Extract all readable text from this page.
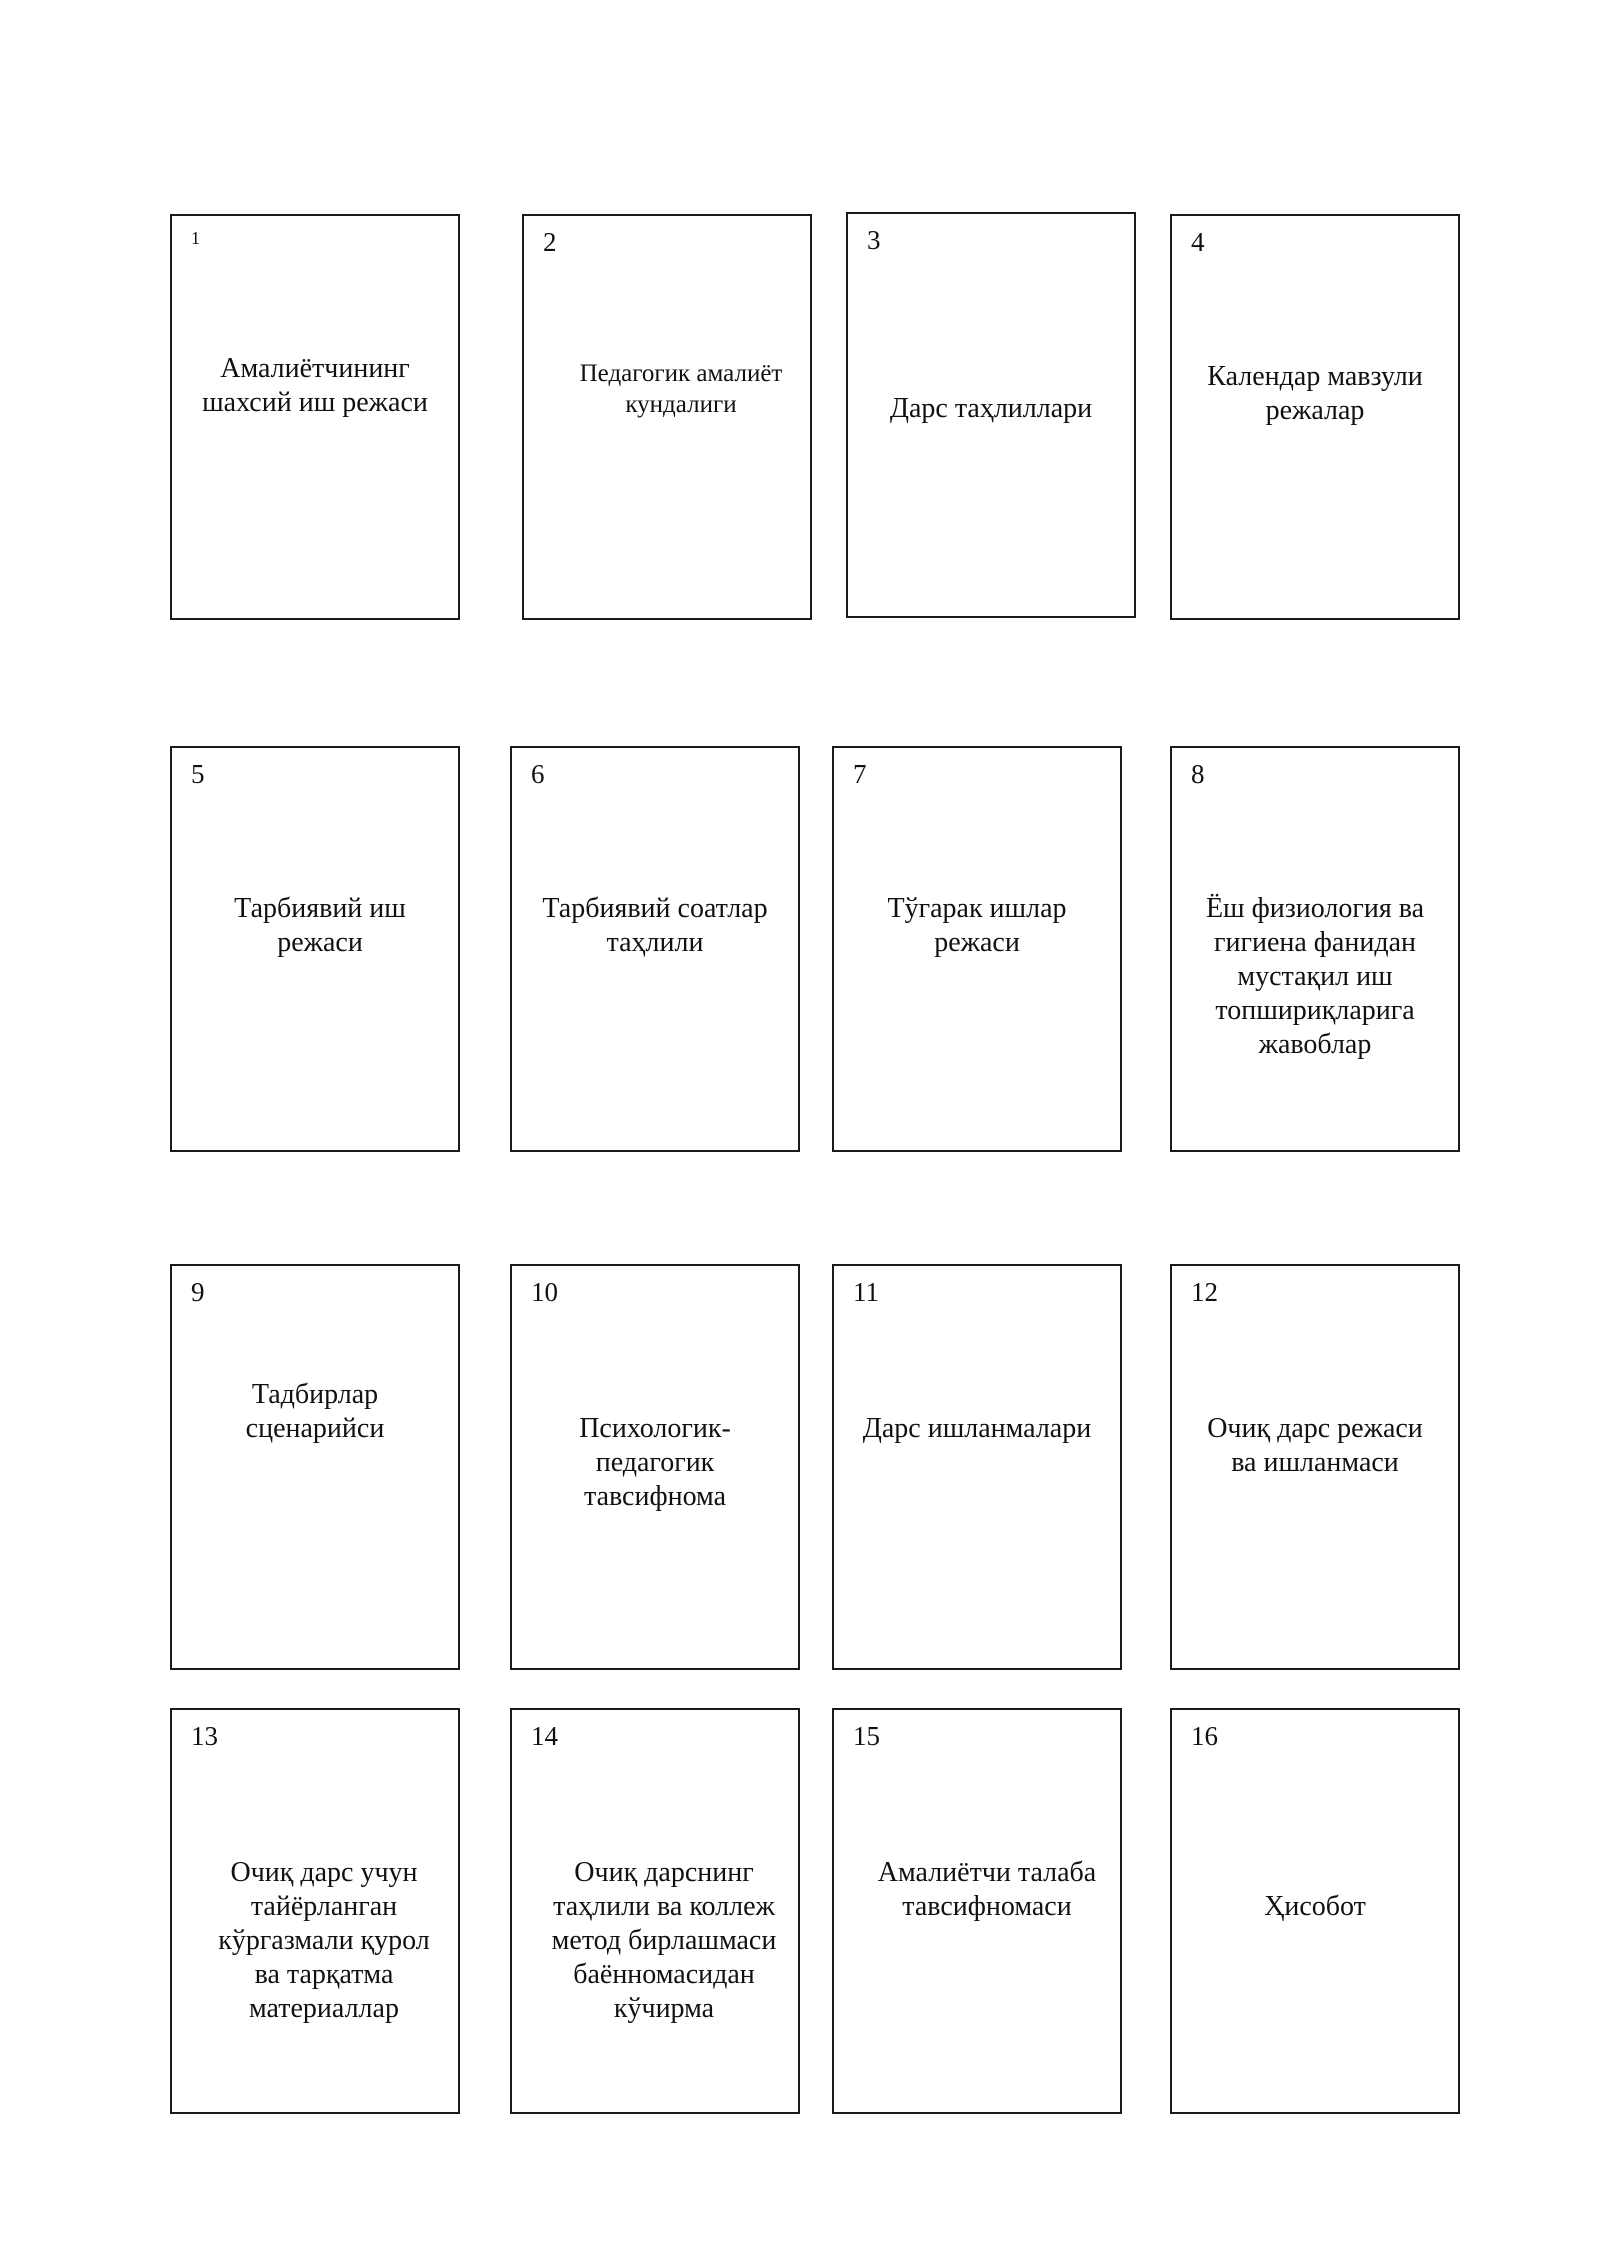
1
Амалиётчининг шахсий иш режаси
2
Педагогик амалиёт кундалиги
3
Дарс таҳлиллари
4
Календар мавзули режалар
5
Тарбиявий иш режаси
6
Тарбиявий соатлар таҳлили
7
Тўгарак ишлар режаси
8
Ёш физиология ва гигиена фанидан мустақил иш топшириқларига жавоблар
9
Тадбирлар сценарийси
10
Психологик-педагогик тавсифнома
11
Дарс ишланмалари
12
Очиқ дарс режаси ва ишланмаси
13
Очиқ дарс учун тайёрланган кўргазмали қурол ва тарқатма материаллар
14
Очиқ дарснинг таҳлили ва коллеж метод бирлашмаси баённомасидан кўчирма
15
Амалиётчи талаба тавсифномаси
16
Ҳисобот
